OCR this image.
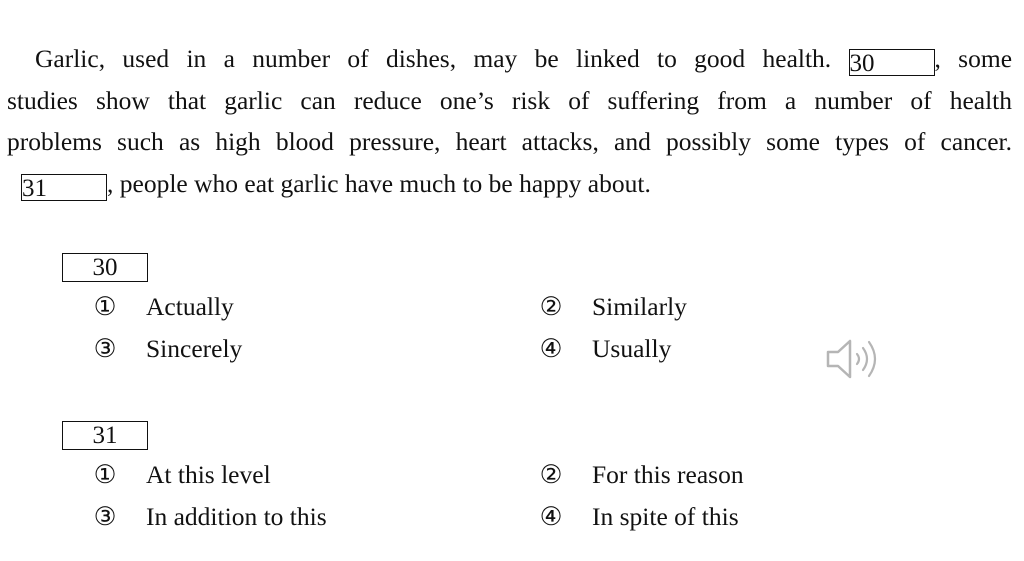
Garlic, used in a number of dishes, may be linked to good health. 30 , some
studies show that garlic can reduce one’s risk of suffering from a number of health
problems such as high blood pressure, heart attacks, and possibly some types of cancer.
31 , people who eat garlic have much to be happy about.
30
① Actually	② Similarly
③ Sincerely	④ Usually
31
① At this level	② For this reason
③ In addition to this	④ In spite of this
